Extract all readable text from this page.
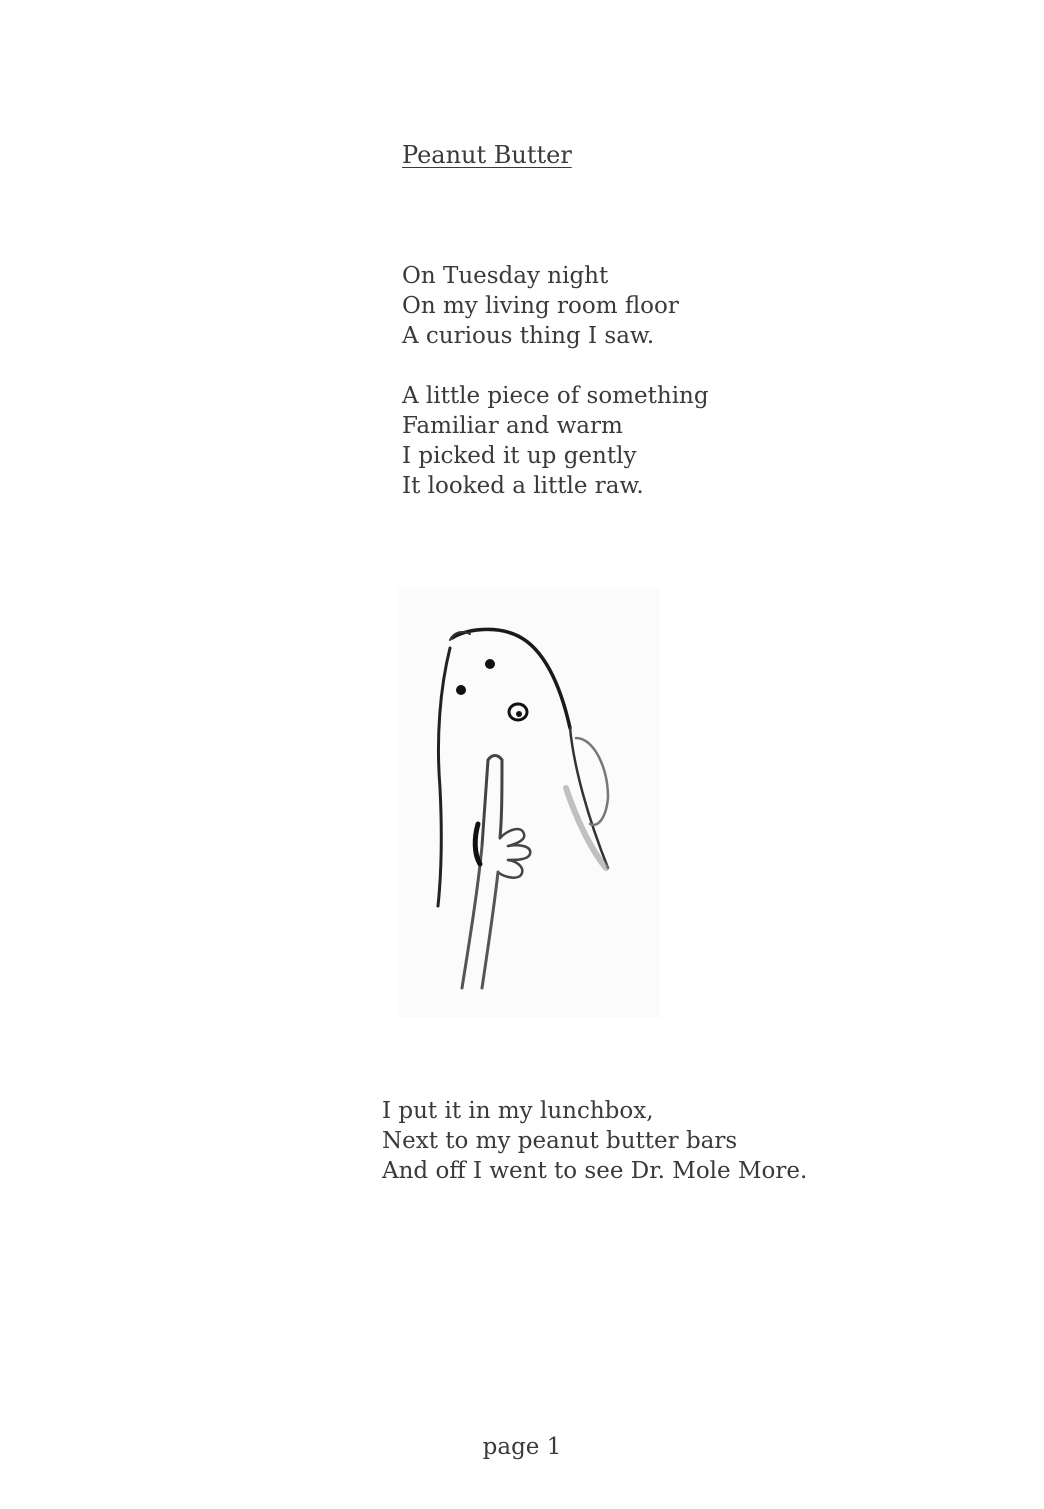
Peanut Butter
On Tuesday night
On my living room floor
A curious thing I saw.
A little piece of something
Familiar and warm
I picked it up gently
It looked a little raw.
I put it in my lunchbox,
Next to my peanut butter bars
And off I went to see Dr. Mole More.
page 1
